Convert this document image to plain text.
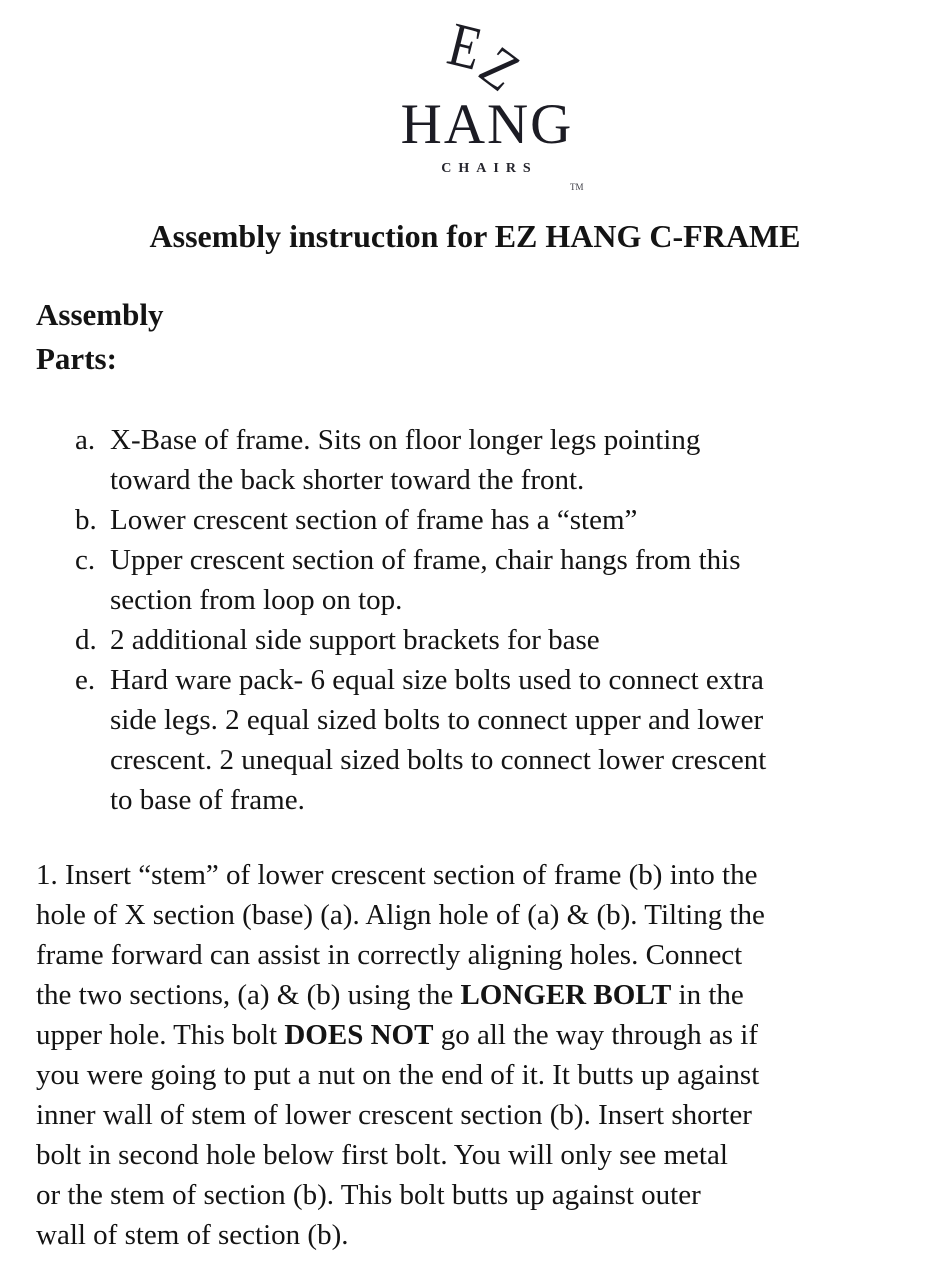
E
Z
HANG
CHAIRS
TM
Assembly instruction for EZ HANG C-FRAME
Assembly
Parts:
a. X-Base of frame. Sits on floor longer legs pointing
toward the back shorter toward the front.
b. Lower crescent section of frame has a “stem”
c. Upper crescent section of frame, chair hangs from this
section from loop on top.
d. 2 additional side support brackets for base
e. Hard ware pack- 6 equal size bolts used to connect extra
side legs. 2 equal sized bolts to connect upper and lower
crescent. 2 unequal sized bolts to connect lower crescent
to base of frame.
1. Insert “stem” of lower crescent section of frame (b) into the
hole of X section (base) (a). Align hole of (a) & (b). Tilting the
frame forward can assist in correctly aligning holes. Connect
the two sections, (a) & (b) using the LONGER BOLT in the
upper hole. This bolt DOES NOT go all the way through as if
you were going to put a nut on the end of it. It butts up against
inner wall of stem of lower crescent section (b). Insert shorter
bolt in second hole below first bolt. You will only see metal
or the stem of section (b). This bolt butts up against outer
wall of stem of section (b).
